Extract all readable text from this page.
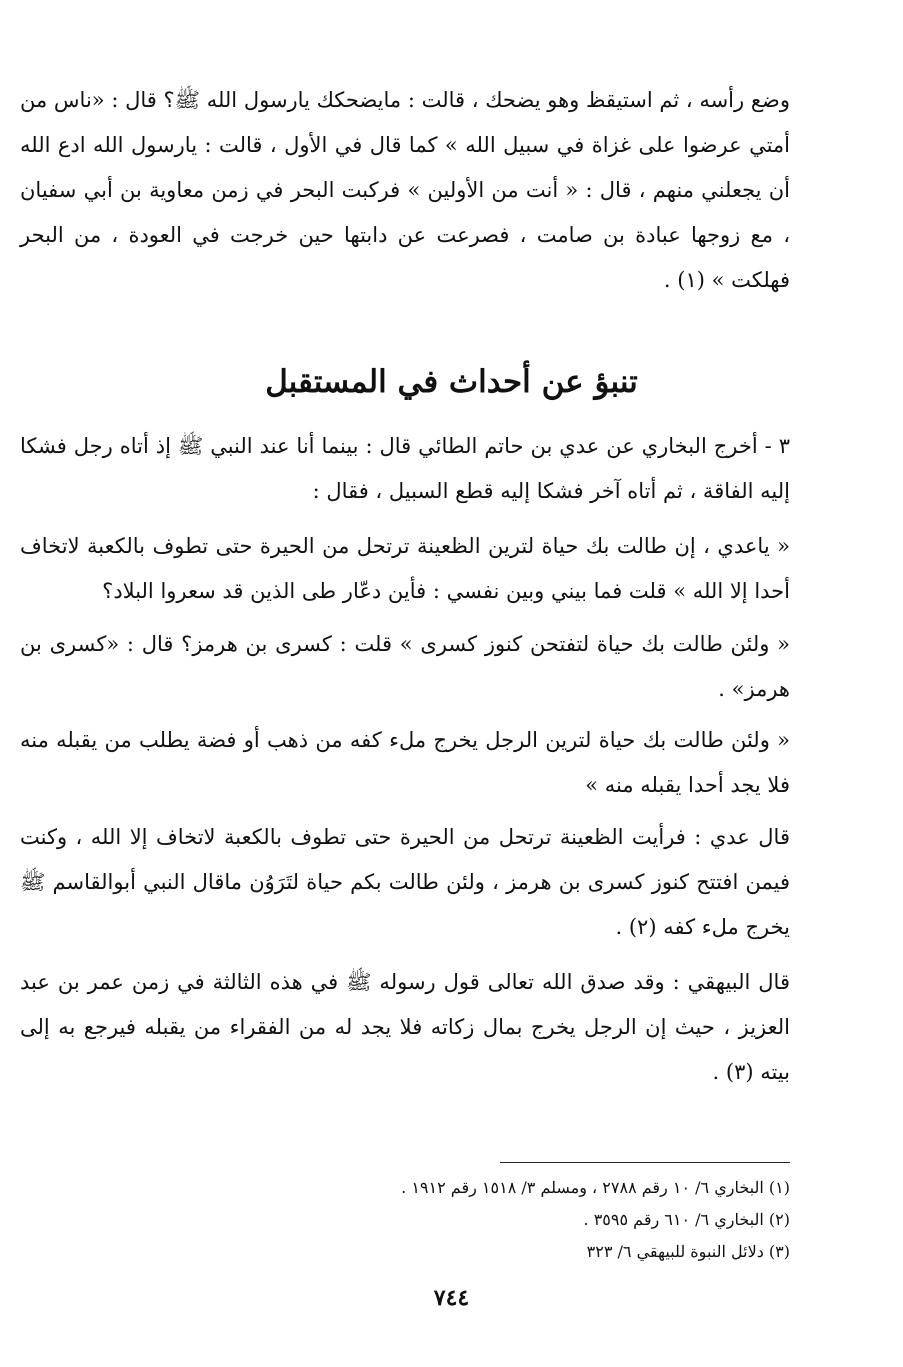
وضع رأسه ، ثم استيقظ وهو يضحك ، قالت : مايضحكك يارسول الله ﷺ؟ قال : «ناس من أمتي عرضوا على غزاة في سبيل الله » كما قال في الأول ، قالت : يارسول الله ادع الله أن يجعلني منهم ، قال : « أنت من الأولين » فركبت البحر في زمن معاوية بن أبي سفيان ، مع زوجها عبادة بن صامت ، فصرعت عن دابتها حين خرجت في العودة ، من البحر فهلكت » (١) .

تنبؤ عن أحداث في المستقبل

٣ - أخرج البخاري عن عدي بن حاتم الطائي قال : بينما أنا عند النبي ﷺ إذ أتاه رجل فشكا إليه الفاقة ، ثم أتاه آخر فشكا إليه قطع السبيل ، فقال :

« ياعدي ، إن طالت بك حياة لترين الظعينة ترتحل من الحيرة حتى تطوف بالكعبة لاتخاف أحدا إلا الله » قلت فما بيني وبين نفسي : فأين دعّار طى الذين قد سعروا البلاد؟

« ولئن طالت بك حياة لتفتحن كنوز كسرى » قلت : كسرى بن هرمز؟ قال : «كسرى بن هرمز» .

« ولئن طالت بك حياة لترين الرجل يخرج ملء كفه من ذهب أو فضة يطلب من يقبله منه فلا يجد أحدا يقبله منه »

قال عدي : فرأيت الظعينة ترتحل من الحيرة حتى تطوف بالكعبة لاتخاف إلا الله ، وكنت فيمن افتتح كنوز كسرى بن هرمز ، ولئن طالت بكم حياة لتَرَوُن ماقال النبي أبوالقاسم ﷺ يخرج ملء كفه (٢) .

قال البيهقي : وقد صدق الله تعالى قول رسوله ﷺ في هذه الثالثة في زمن عمر بن عبد العزيز ، حيث إن الرجل يخرج بمال زكاته فلا يجد له من الفقراء من يقبله فيرجع به إلى بيته (٣) .

(١) البخاري ٦/ ١٠ رقم ٢٧٨٨ ، ومسلم ٣/ ١٥١٨ رقم ١٩١٢ .
(٢) البخاري ٦/ ٦١٠ رقم ٣٥٩٥ .
(٣) دلائل النبوة للبيهقي ٦/ ٣٢٣
٧٤٤
